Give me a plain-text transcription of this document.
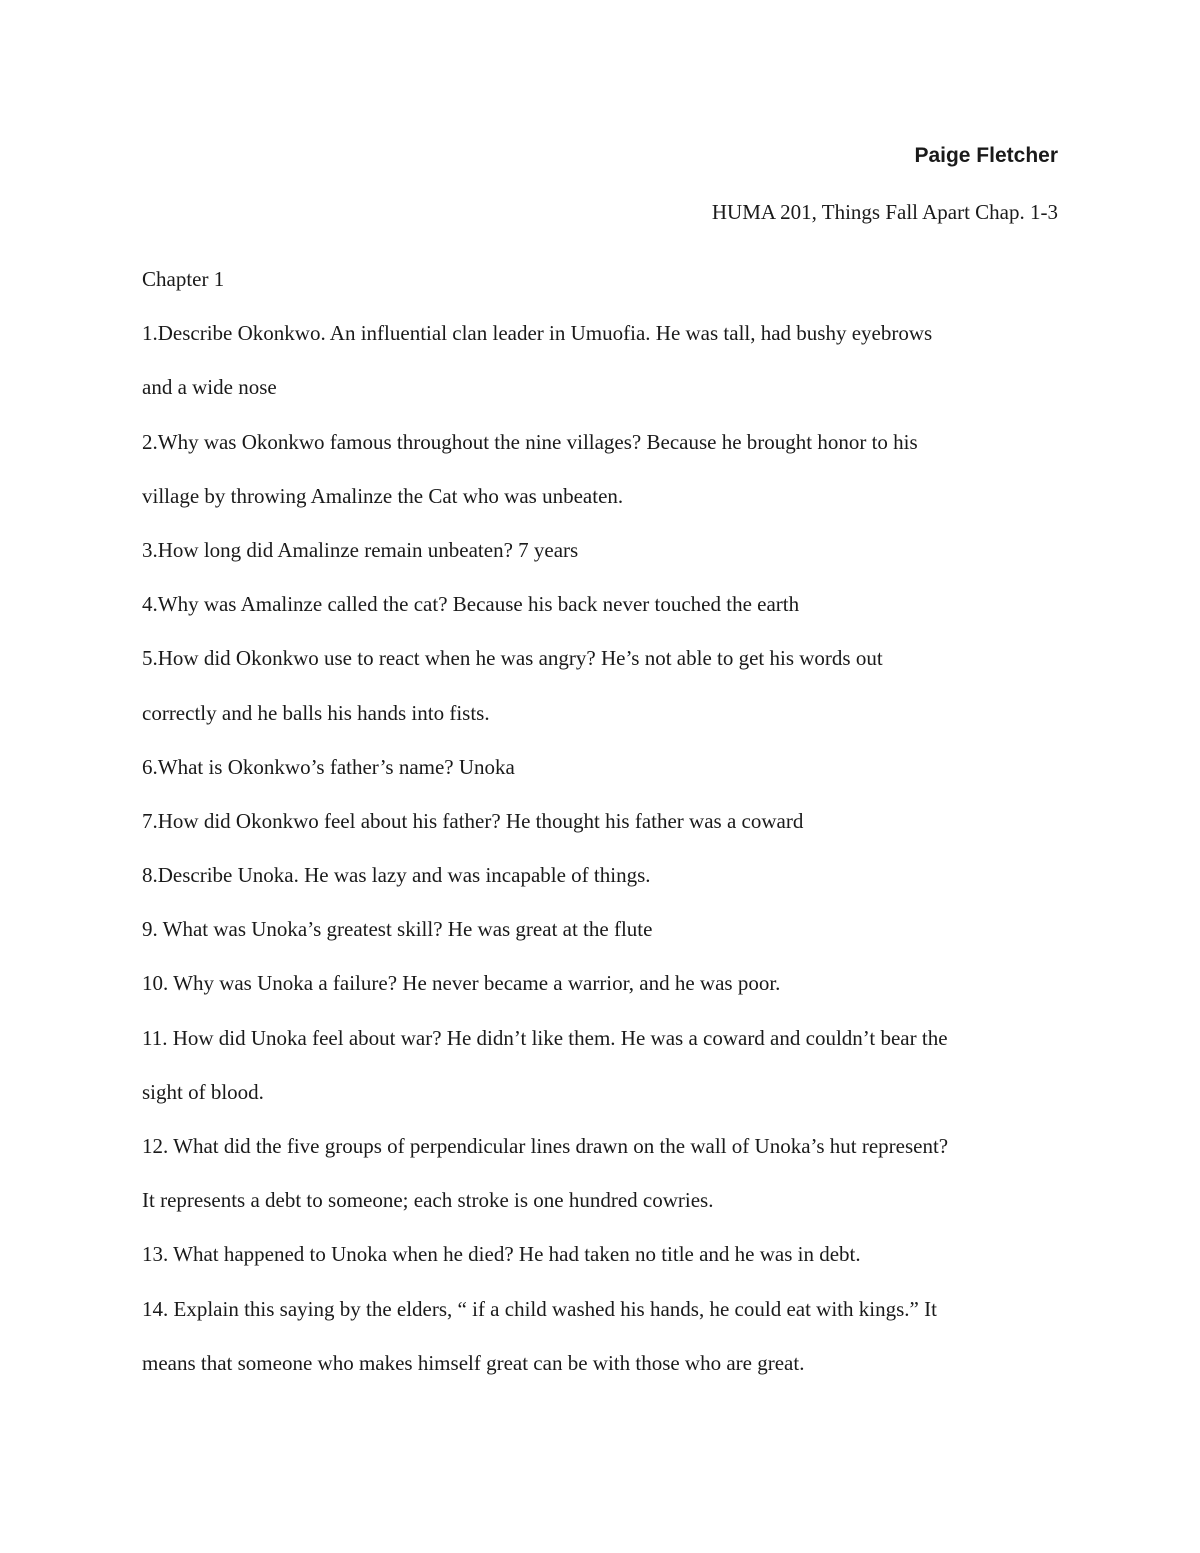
Paige Fletcher
HUMA 201, Things Fall Apart Chap. 1-3
Chapter 1
1.Describe Okonkwo. An influential clan leader in Umuofia. He was tall, had bushy eyebrows
and a wide nose
2.Why was Okonkwo famous throughout the nine villages? Because he brought honor to his
village by throwing Amalinze the Cat who was unbeaten.
3.How long did Amalinze remain unbeaten? 7 years
4.Why was Amalinze called the cat? Because his back never touched the earth
5.How did Okonkwo use to react when he was angry? He’s not able to get his words out
correctly and he balls his hands into fists.
6.What is Okonkwo’s father’s name? Unoka
7.How did Okonkwo feel about his father? He thought his father was a coward
8.Describe Unoka. He was lazy and was incapable of things.
9. What was Unoka’s greatest skill? He was great at the flute
10. Why was Unoka a failure? He never became a warrior, and he was poor.
11. How did Unoka feel about war? He didn’t like them. He was a coward and couldn’t bear the
sight of blood.
12. What did the five groups of perpendicular lines drawn on the wall of Unoka’s hut represent?
It represents a debt to someone; each stroke is one hundred cowries.
13. What happened to Unoka when he died? He had taken no title and he was in debt.
14. Explain this saying by the elders, “ if a child washed his hands, he could eat with kings.” It
means that someone who makes himself great can be with those who are great.
